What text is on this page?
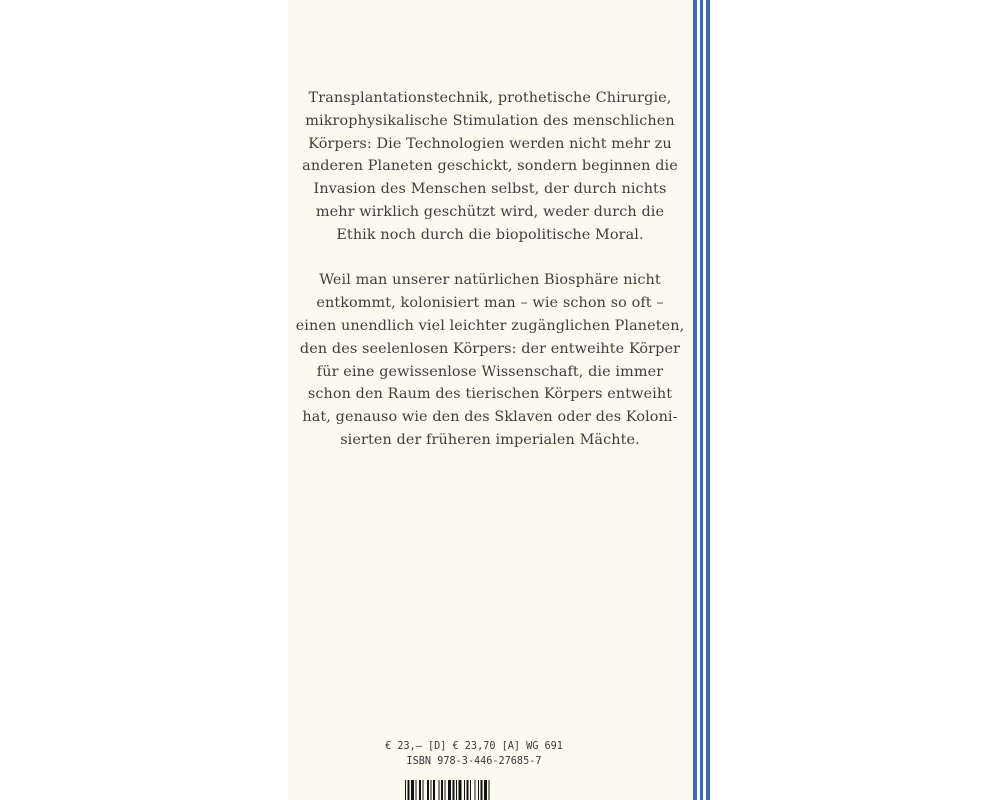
Transplantationstechnik, prothetische Chirurgie,
mikrophysikalische Stimulation des menschlichen
Körpers: Die Technologien werden nicht mehr zu
anderen Planeten geschickt, sondern beginnen die
Invasion des Menschen selbst, der durch nichts
mehr wirklich geschützt wird, weder durch die
Ethik noch durch die biopolitische Moral.
Weil man unserer natürlichen Biosphäre nicht
entkommt, kolonisiert man – wie schon so oft –
einen unendlich viel leichter zugänglichen Planeten,
den des seelenlosen Körpers: der entweihte Körper
für eine gewissenlose Wissenschaft, die immer
schon den Raum des tierischen Körpers entweiht
hat, genauso wie den des Sklaven oder des Koloni-
sierten der früheren imperialen Mächte.
€ 23,– [D] € 23,70 [A] WG 691
ISBN 978-3-446-27685-7
